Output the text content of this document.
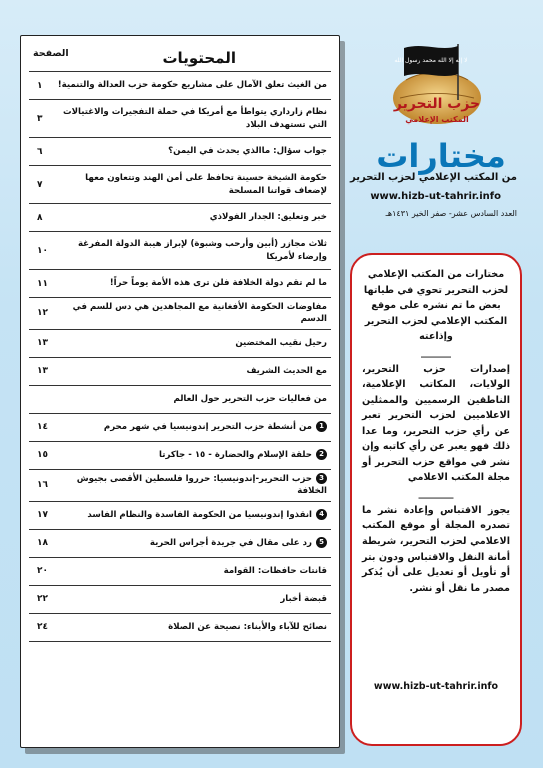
المحتويات
الصفحة
من الغيث تعلق الآمال على مشاريع حكومة حزب العدالة والتنمية!
١
نظام زارداري يتواطأ مع أمريكا في حملة التفجيرات والاغتيالات التي تستهدف البلاد
٣
جواب سؤال: ماالذي يحدث في اليمن؟
٦
حكومة الشيخة حسينة تحافظ على أمن الهند وتتعاون معها لإضعاف قواتنا المسلحة
٧
خبر وتعليق: الجدار الفولاذي
٨
ثلاث مجازر (أبين وأرحب وشبوة) لإبراز هيبة الدولة المفرغة وإرضاء لأمريكا
١٠
ما لم تقم دولة الخلافة فلن ترى هذه الأمة يوماً حراً!
١١
مفاوضات الحكومة الأفغانية مع المجاهدين هي دس للسم في الدسم
١٢
رحيل نقيب المختضين
١٣
مع الحديث الشريف
١٣
من فعاليات حزب التحرير حول العالم
1من أنشطة حزب التحرير إندونيسيا في شهر محرم
١٤
2حلقة الإسلام والحضارة - ١٥ - جاكرتا
١٥
3حزب التحرير-إندونيسيا: حرروا فلسطين الأقصى بجيوش الخلافة
١٦
4انقذوا إندونيسيا من الحكومة الفاسدة والنظام الفاسد
١٧
5رد على مقال في جريدة أجراس الحرية
١٨
قانتات حافظات: القوامة
٢٠
قبضة أخبار
٢٢
نصائح للآباء والأبناء: نصيحة عن الصلاة
٢٤
لا إله إلا الله محمد رسول الله
حزب التحرير
المكتب الإعلامي
مختارات
من المكتب الإعلامي لحزب التحرير
www.hizb-ut-tahrir.info
العدد السادس عشر- صفر الخير ١٤٣١هـ

مختارات من المكتب الإعلامي لحزب التحرير تحوي في طياتها بعض ما تم نشره على موقع المكتب الإعلامي لحزب التحرير وإذاعته

______

إصدارات حزب التحرير، الولايات، المكاتب الإعلامية، الناطقين الرسميين والممثلين الاعلاميين لحزب التحرير تعبر عن رأي حزب التحرير، وما عدا ذلك فهو يعبر عن رأي كاتبه وإن نشر في مواقع حزب التحرير أو مجلة المكتب الاعلامي

_______

يجوز الاقتباس وإعادة نشر ما تصدره المجلة أو موقع المكتب الاعلامي لحزب التحرير، شريطة أمانة النقل والاقتباس ودون بتر أو تأويل أو تعديل على أن يُذكر مصدر ما نقل أو نشر.

www.hizb-ut-tahrir.info
